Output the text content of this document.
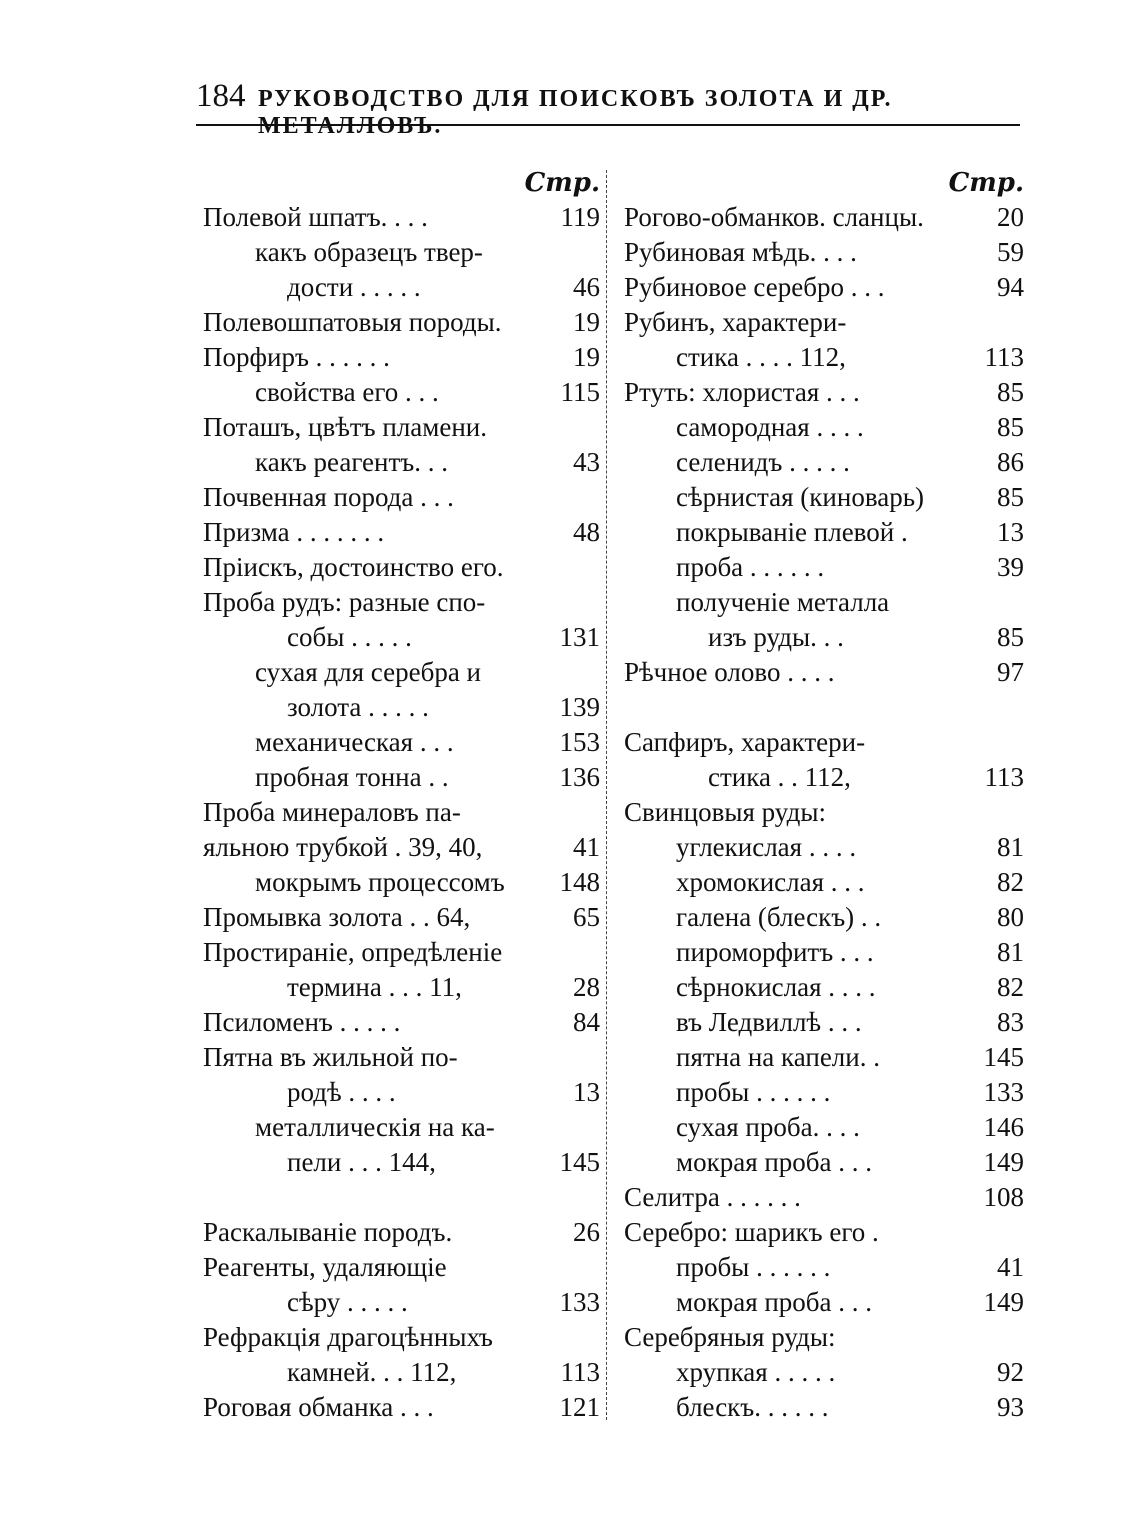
184 РУКОВОДСТВО ДЛЯ ПОИСКОВЪ ЗОЛОТА И ДР. МЕТАЛЛОВЪ.
Стр.
Полевой шпатъ. . . .	119
какъ образецъ твер-
дости . . . . .	46
Полевошпатовыя породы.	19
Порфиръ . . . . . .	19
свойства его . . .	115
Поташъ, цвѣтъ пламени.
какъ реагентъ. . .	43
Почвенная порода . . .
Призма . . . . . . .	48
Пріискъ, достоинство его.
Проба рудъ: разные спо-
собы . . . . .	131
сухая для серебра и
золота . . . . .	139
механическая . . .	153
пробная тонна . .	136
Проба минераловъ па-
яльною трубкой . 39, 40,	41
мокрымъ процессомъ	148
Промывка золота . . 64,	65
Простираніе, опредѣленіе
термина . . . 11,	28
Псиломенъ . . . . .	84
Пятна въ жильной по-
родѣ . . . .	13
металлическія на ка-
пели . . . 144,	145
Раскалываніе породъ.	26
Реагенты, удаляющіе
сѣру . . . . .	133
Рефракція драгоцѣнныхъ
камней. . . 112,	113
Роговая обманка . . .	121
Стр.
Рогово-обманков. сланцы.	20
Рубиновая мѣдь. . . .	59
Рубиновое серебро . . .	94
Рубинъ, характери-
стика . . . . 112,	113
Ртуть: хлористая . . .	85
самородная . . . .	85
селенидъ . . . . .	86
сѣрнистая (киноварь)	85
покрываніе плевой .	13
проба . . . . . .	39
полученіе металла
изъ руды. . .	85
Рѣчное олово . . . .	97
Сапфиръ, характери-
стика . . 112,	113
Свинцовыя руды:
углекислая . . . .	81
хромокислая . . .	82
галена (блескъ) . .	80
пироморфитъ . . .	81
сѣрнокислая . . . .	82
въ Ледвиллѣ . . .	83
пятна на капели. .	145
пробы . . . . . .	133
сухая проба. . . .	146
мокрая проба . . .	149
Селитра . . . . . .	108
Серебро: шарикъ его .
пробы . . . . . .	41
мокрая проба . . .	149
Серебряныя руды:
хрупкая . . . . .	92
блескъ. . . . . .	93
